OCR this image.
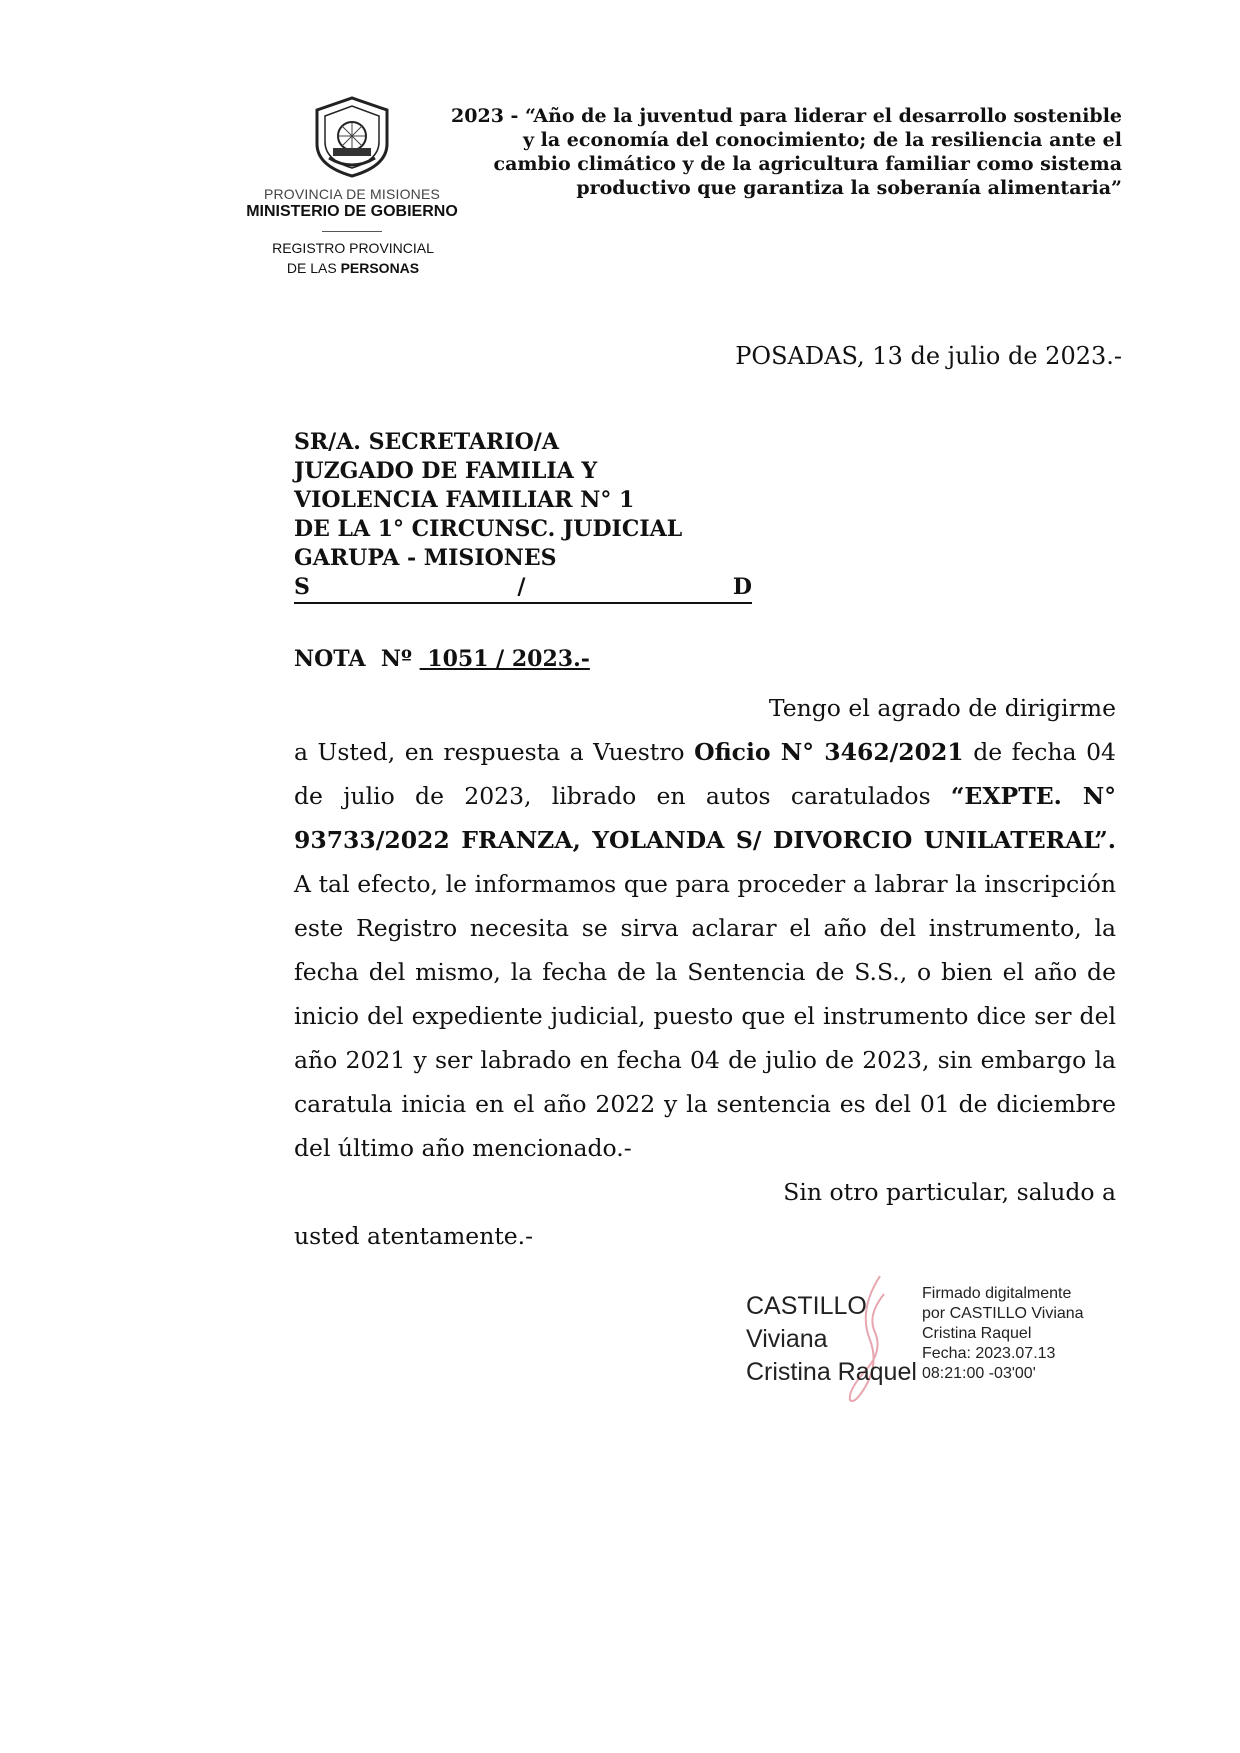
PROVINCIA DE MISIONES
MINISTERIO DE GOBIERNO
REGISTRO PROVINCIAL
DE LAS PERSONAS
2023 - “Año de la juventud para liderar el desarrollo sostenible
y la economía del conocimiento; de la resiliencia ante el
cambio climático y de la agricultura familiar como sistema
productivo que garantiza la soberanía alimentaria”
POSADAS, 13 de julio de 2023.-
SR/A. SECRETARIO/A
JUZGADO DE FAMILIA Y
VIOLENCIA FAMILIAR N° 1
DE LA 1° CIRCUNSC. JUDICIAL
GARUPA - MISIONES
S	/	D
NOTA  Nº  1051 / 2023.-

Tengo el agrado de dirigirme

a Usted, en respuesta a Vuestro Oficio N° 3462/2021 de fecha 04 de julio de 2023, librado en autos caratulados “EXPTE. N° 93733/2022 FRANZA, YOLANDA S/ DIVORCIO UNILATERAL”. A tal efecto, le informamos que para proceder a labrar la inscripción este Registro necesita se sirva aclarar el año del instrumento, la fecha del mismo, la fecha de la Sentencia de S.S., o bien el año de inicio del expediente judicial, puesto que el instrumento dice ser del año 2021 y ser labrado en fecha 04 de julio de 2023, sin embargo la caratula inicia en el año 2022 y la sentencia es del 01 de diciembre del último año mencionado.-

Sin otro particular, saludo a

usted atentamente.-

CASTILLO
Viviana
Cristina Raquel
Firmado digitalmente
por CASTILLO Viviana
Cristina Raquel
Fecha: 2023.07.13
08:21:00 -03'00'
